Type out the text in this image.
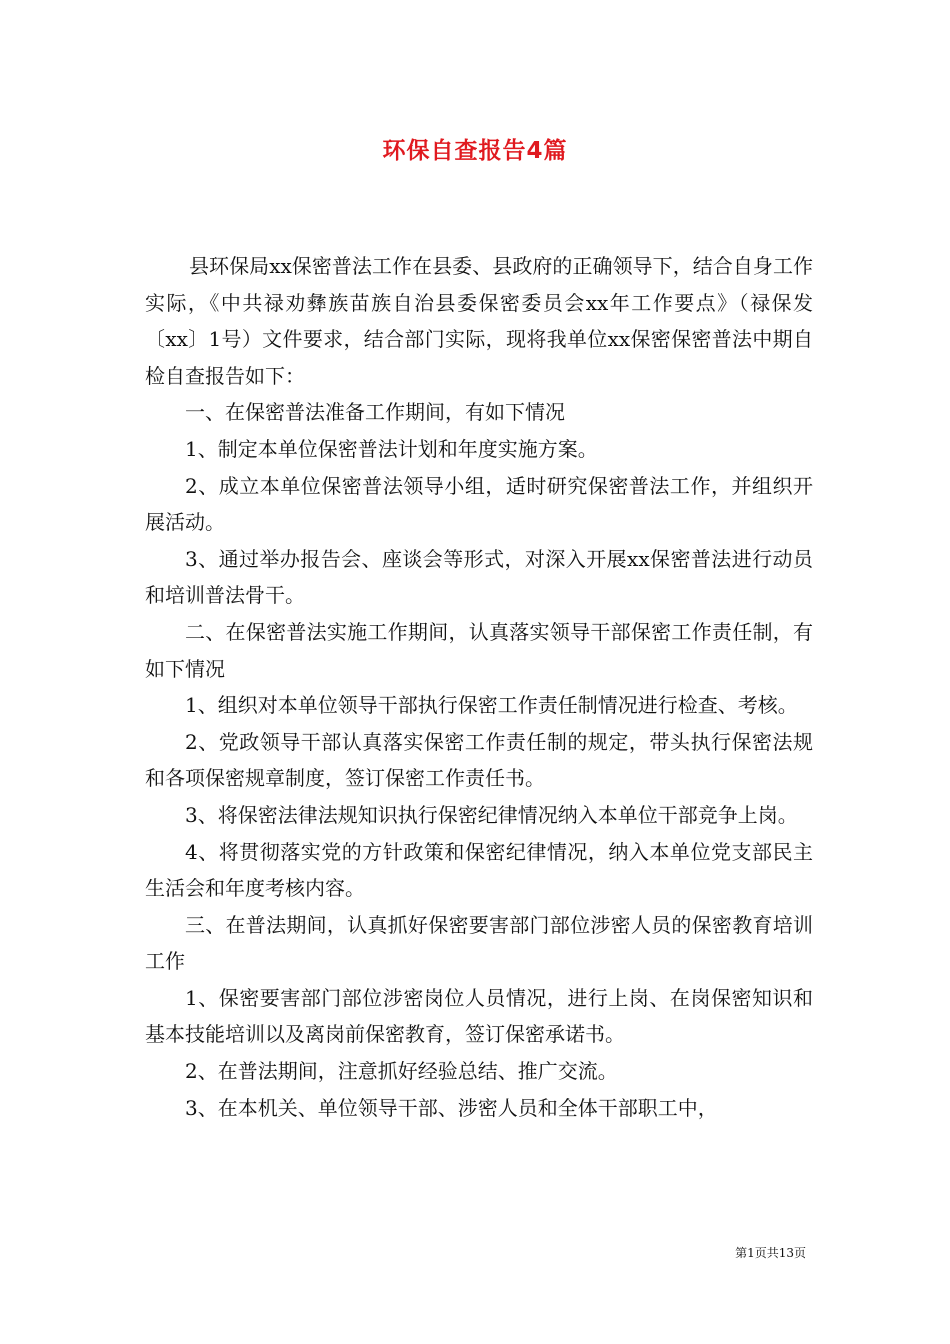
环保自查报告4篇

县环保局xx保密普法工作在县委、县政府的正确领导下，结合自身工作实际，《中共禄劝彝族苗族自治县委保密委员会xx年工作要点》（禄保发〔xx〕1号）文件要求，结合部门实际，现将我单位xx保密保密普法中期自检自查报告如下：

一、在保密普法准备工作期间，有如下情况

1、制定本单位保密普法计划和年度实施方案。

2、成立本单位保密普法领导小组，适时研究保密普法工作，并组织开展活动。

3、通过举办报告会、座谈会等形式，对深入开展xx保密普法进行动员和培训普法骨干。

二、在保密普法实施工作期间，认真落实领导干部保密工作责任制，有如下情况

1、组织对本单位领导干部执行保密工作责任制情况进行检查、考核。

2、党政领导干部认真落实保密工作责任制的规定，带头执行保密法规和各项保密规章制度，签订保密工作责任书。

3、将保密法律法规知识执行保密纪律情况纳入本单位干部竞争上岗。

4、将贯彻落实党的方针政策和保密纪律情况，纳入本单位党支部民主生活会和年度考核内容。

三、在普法期间，认真抓好保密要害部门部位涉密人员的保密教育培训工作

1、保密要害部门部位涉密岗位人员情况，进行上岗、在岗保密知识和基本技能培训以及离岗前保密教育，签订保密承诺书。

2、在普法期间，注意抓好经验总结、推广交流。

3、在本机关、单位领导干部、涉密人员和全体干部职工中，

第1页共13页
